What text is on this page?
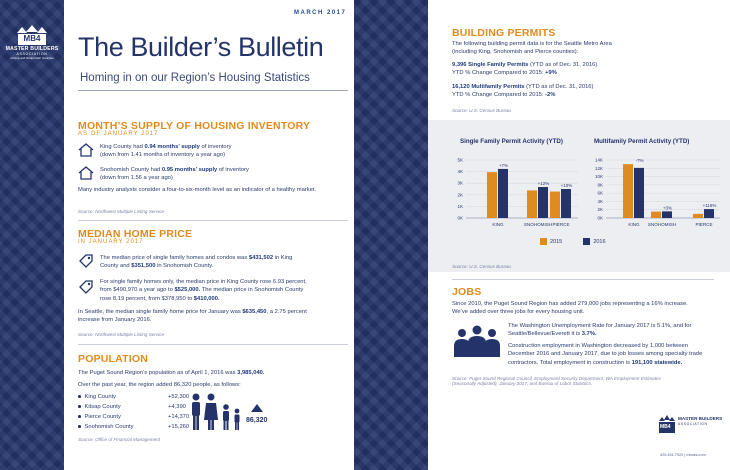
MB4
MASTER BUILDERS
ASSOCIATION
of King and Snohomish Counties
MARCH 2017
The Builder’s Bulletin
Homing in on our Region’s Housing Statistics
MONTH’S SUPPLY OF HOUSING INVENTORY
AS OF JANUARY 2017
King County had 0.94 months’ supply of inventory
(down from 1.41 months of inventory a year ago)
Snohomish County had 0.95 months’ supply of inventory
(down from 1.56 a year ago)
Many industry analysts consider a four-to-six-month level as an indicator of a healthy market.
Source: Northwest Multiple Listing Service
MEDIAN HOME PRICE
IN JANUARY 2017
The median price of single family homes and condos was $431,502 in King
County and $351,500 in Snohomish County.
For single family homes only, the median price in King County rose 6.93 percent,
from $490,970 a year ago to $525,000. The median price in Snohomish County
rose 8.19 percent, from $378,950 to $410,000.
In Seattle, the median single family home price for January was $635,450, a 2.75 percent
increase from January 2016.
Source: Northwest Multiple Listing Service
POPULATION
The Puget Sound Region’s population as of April 1, 2016 was 3,985,040.
Over the past year, the region added 86,320 people, as follows:
King County	+52,300
Kitsap County	+4,390
Pierce County	+14,370
Snohomish County	+15,260
86,320
Source: Office of Financial Management
BUILDING PERMITS
The following building permit data is for the Seattle Metro Area
(including King, Snohomish and Pierce counties):
9,396 Single Family Permits (YTD as of Dec. 31, 2016)
YTD % Change Compared to 2015: +9%
16,120 Multifamily Permits (YTD as of Dec. 31, 2016)
YTD % Change Compared to 2015: -2%
Source: U.S. Census Bureau
Single Family Permit Activity (YTD)	Multifamily Permit Activity (YTD)
0K
1K
2K
3K
4K
5K
+7%
KING
+12%
SNOHOMISH
+10%
PIERCE
0K
2K
4K
6K
8K
10K
12K
14K	-7%
KING
+3%
SNOHOMISH
+116%
PIERCE
2015	2016
Source: U.S. Census Bureau
JOBS
Since 2010, the Puget Sound Region has added 279,000 jobs representing a 16% increase.
We’ve added over three jobs for every housing unit.
The Washington Unemployment Rate for January 2017 is 5.1%, and for
Seattle/Bellevue/Everett it is 3.7%.
Construction employment in Washington decreased by 1,000 between
December 2016 and January 2017, due to job losses among specialty trade
contractors. Total employment in construction is 191,100 statewide.
Source: Puget Sound Regional Council, Employment Security Department, WA Employment Estimates
(Seasonally Adjusted), January 2017, and Bureau of Labor Statistics.
MB4
MASTER BUILDERS
ASSOCIATION
425.451.7920 | mbaks.com
